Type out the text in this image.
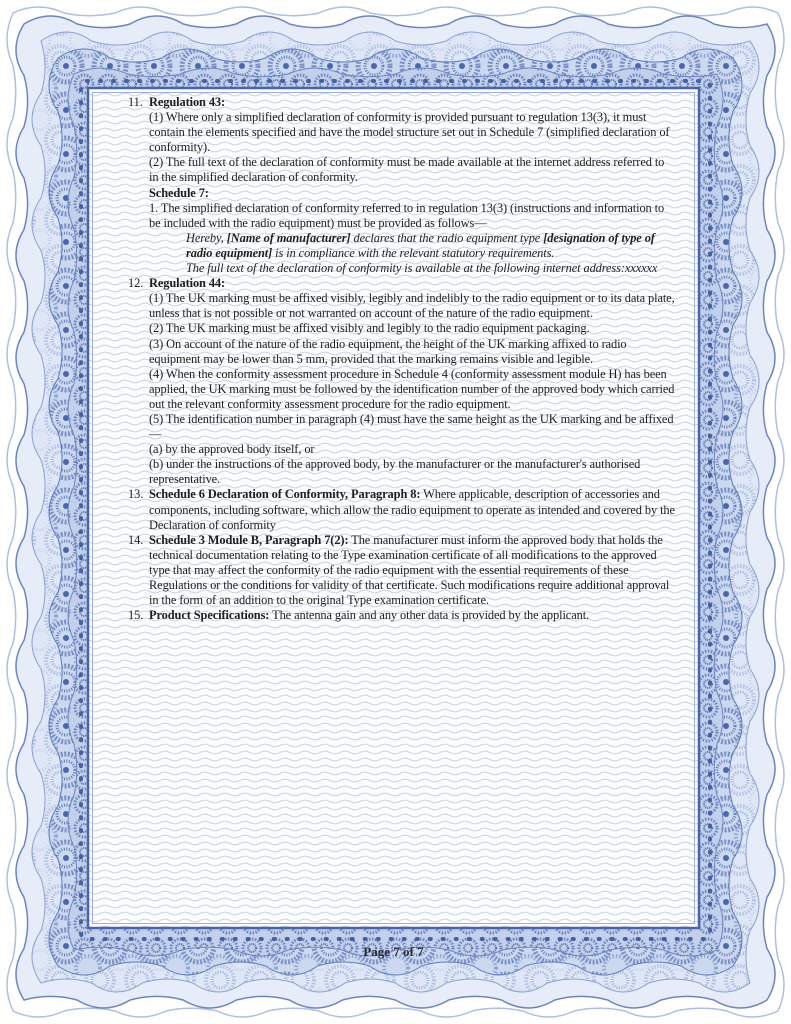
11. Regulation 43:
(1) Where only a simplified declaration of conformity is provided pursuant to regulation 13(3), it must contain the elements specified and have the model structure set out in Schedule 7 (simplified declaration of conformity).
(2) The full text of the declaration of conformity must be made available at the internet address referred to in the simplified declaration of conformity.
Schedule 7:
1. The simplified declaration of conformity referred to in regulation 13(3) (instructions and information to be included with the radio equipment) must be provided as follows—
Hereby, [Name of manufacturer] declares that the radio equipment type [designation of type of radio equipment] is in compliance with the relevant statutory requirements.
The full text of the declaration of conformity is available at the following internet address:xxxxxx
12. Regulation 44:
(1) The UK marking must be affixed visibly, legibly and indelibly to the radio equipment or to its data plate, unless that is not possible or not warranted on account of the nature of the radio equipment.
(2) The UK marking must be affixed visibly and legibly to the radio equipment packaging.
(3) On account of the nature of the radio equipment, the height of the UK marking affixed to radio equipment may be lower than 5 mm, provided that the marking remains visible and legible.
(4) When the conformity assessment procedure in Schedule 4 (conformity assessment module H) has been applied, the UK marking must be followed by the identification number of the approved body which carried out the relevant conformity assessment procedure for the radio equipment.
(5) The identification number in paragraph (4) must have the same height as the UK marking and be affixed—
(a) by the approved body itself, or
(b) under the instructions of the approved body, by the manufacturer or the manufacturer's authorised representative.
13. Schedule 6 Declaration of Conformity, Paragraph 8: Where applicable, description of accessories and components, including software, which allow the radio equipment to operate as intended and covered by the Declaration of conformity
14. Schedule 3 Module B, Paragraph 7(2): The manufacturer must inform the approved body that holds the technical documentation relating to the Type examination certificate of all modifications to the approved type that may affect the conformity of the radio equipment with the essential requirements of these Regulations or the conditions for validity of that certificate. Such modifications require additional approval in the form of an addition to the original Type examination certificate.
15. Product Specifications: The antenna gain and any other data is provided by the applicant.
Page 7 of 7
